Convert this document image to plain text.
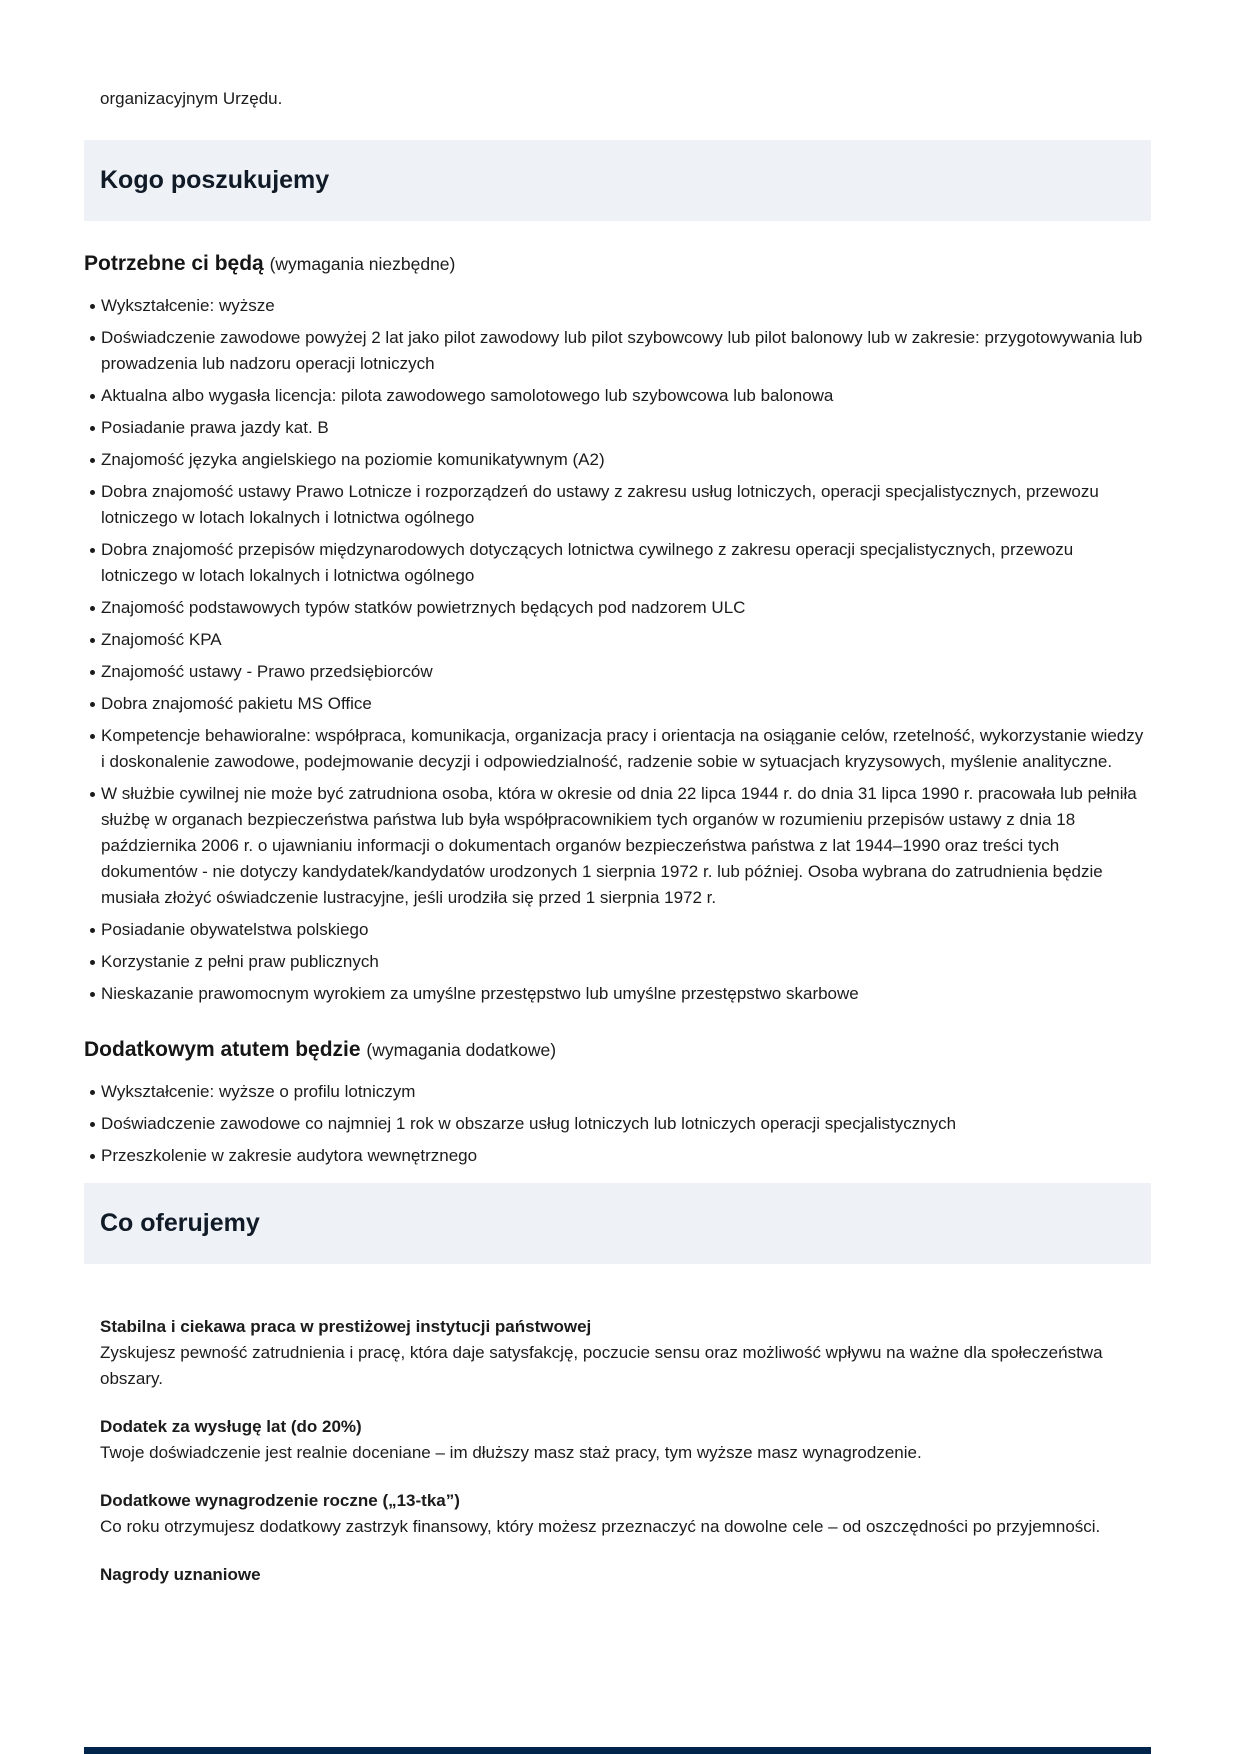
organizacyjnym Urzędu.

Kogo poszukujemy
Potrzebne ci będą (wymagania niezbędne)
Wykształcenie: wyższe
Doświadczenie zawodowe powyżej 2 lat jako pilot zawodowy lub pilot szybowcowy lub pilot balonowy lub w zakresie: przygotowywania lub prowadzenia lub nadzoru operacji lotniczych
Aktualna albo wygasła licencja: pilota zawodowego samolotowego lub szybowcowa lub balonowa
Posiadanie prawa jazdy kat. B
Znajomość języka angielskiego na poziomie komunikatywnym (A2)
Dobra znajomość ustawy Prawo Lotnicze i rozporządzeń do ustawy z zakresu usług lotniczych, operacji specjalistycznych, przewozu lotniczego w lotach lokalnych i lotnictwa ogólnego
Dobra znajomość przepisów międzynarodowych dotyczących lotnictwa cywilnego z zakresu operacji specjalistycznych, przewozu lotniczego w lotach lokalnych i lotnictwa ogólnego
Znajomość podstawowych typów statków powietrznych będących pod nadzorem ULC
Znajomość KPA
Znajomość ustawy - Prawo przedsiębiorców
Dobra znajomość pakietu MS Office
Kompetencje behawioralne: współpraca, komunikacja, organizacja pracy i orientacja na osiąganie celów, rzetelność, wykorzystanie wiedzy i doskonalenie zawodowe, podejmowanie decyzji i odpowiedzialność, radzenie sobie w sytuacjach kryzysowych, myślenie analityczne.
W służbie cywilnej nie może być zatrudniona osoba, która w okresie od dnia 22 lipca 1944 r. do dnia 31 lipca 1990 r. pracowała lub pełniła służbę w organach bezpieczeństwa państwa lub była współpracownikiem tych organów w rozumieniu przepisów ustawy z dnia 18 października 2006 r. o ujawnianiu informacji o dokumentach organów bezpieczeństwa państwa z lat 1944–1990 oraz treści tych dokumentów - nie dotyczy kandydatek/kandydatów urodzonych 1 sierpnia 1972 r. lub później. Osoba wybrana do zatrudnienia będzie musiała złożyć oświadczenie lustracyjne, jeśli urodziła się przed 1 sierpnia 1972 r.
Posiadanie obywatelstwa polskiego
Korzystanie z pełni praw publicznych
Nieskazanie prawomocnym wyrokiem za umyślne przestępstwo lub umyślne przestępstwo skarbowe
Dodatkowym atutem będzie (wymagania dodatkowe)
Wykształcenie: wyższe o profilu lotniczym
Doświadczenie zawodowe co najmniej 1 rok w obszarze usług lotniczych lub lotniczych operacji specjalistycznych
Przeszkolenie w zakresie audytora wewnętrznego
Co oferujemy

Stabilna i ciekawa praca w prestiżowej instytucji państwowej

Zyskujesz pewność zatrudnienia i pracę, która daje satysfakcję, poczucie sensu oraz możliwość wpływu na ważne dla społeczeństwa obszary.

Dodatek za wysługę lat (do 20%)

Twoje doświadczenie jest realnie doceniane – im dłuższy masz staż pracy, tym wyższe masz wynagrodzenie.

Dodatkowe wynagrodzenie roczne („13-tka”)

Co roku otrzymujesz dodatkowy zastrzyk finansowy, który możesz przeznaczyć na dowolne cele – od oszczędności po przyjemności.

Nagrody uznaniowe
